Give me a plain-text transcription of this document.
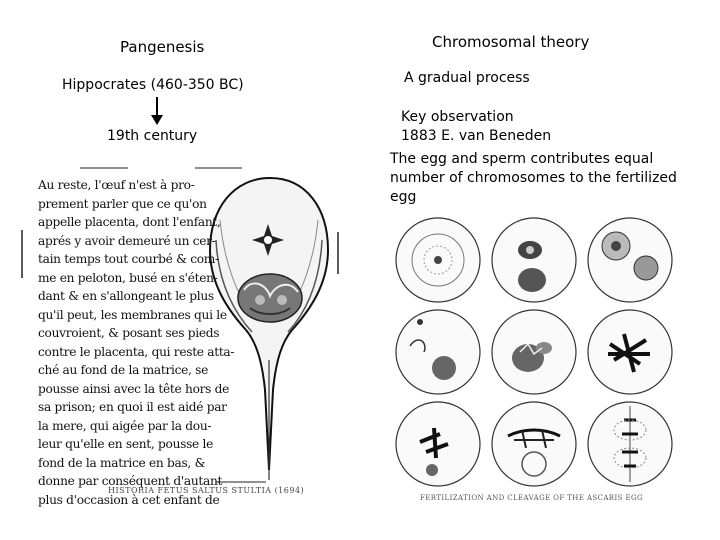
Pangenesis
Hippocrates (460-350 BC)
19th century
Au reste, l'œuf n'est à pro-
prement parler que ce qu'on
appelle placenta, dont l'enfant,
aprés y avoir demeuré un cer-
tain temps tout courbé & com-
me en peloton, busé en s'éten-
dant & en s'allongeant le plus
qu'il peut, les membranes qui le
couvroient, & posant ses pieds
contre le placenta, qui reste atta-
ché au fond de la matrice, se
pousse ainsi avec la tête hors de
sa prison; en quoi il est aidé par
la mere, qui aigée par la dou-
leur qu'elle en sent, pousse le
fond de la matrice en bas, &
donne par conséquent d'autant
plus d'occasion à cet enfant de
HISTORIA FETUS SALTUS STULTIA (1694)
Chromosomal theory
A gradual process
Key observation
1883 E. van Beneden
The egg and sperm contributes equal number of chromosomes to the fertilized egg
FERTILIZATION AND CLEAVAGE OF THE ASCARIS EGG
